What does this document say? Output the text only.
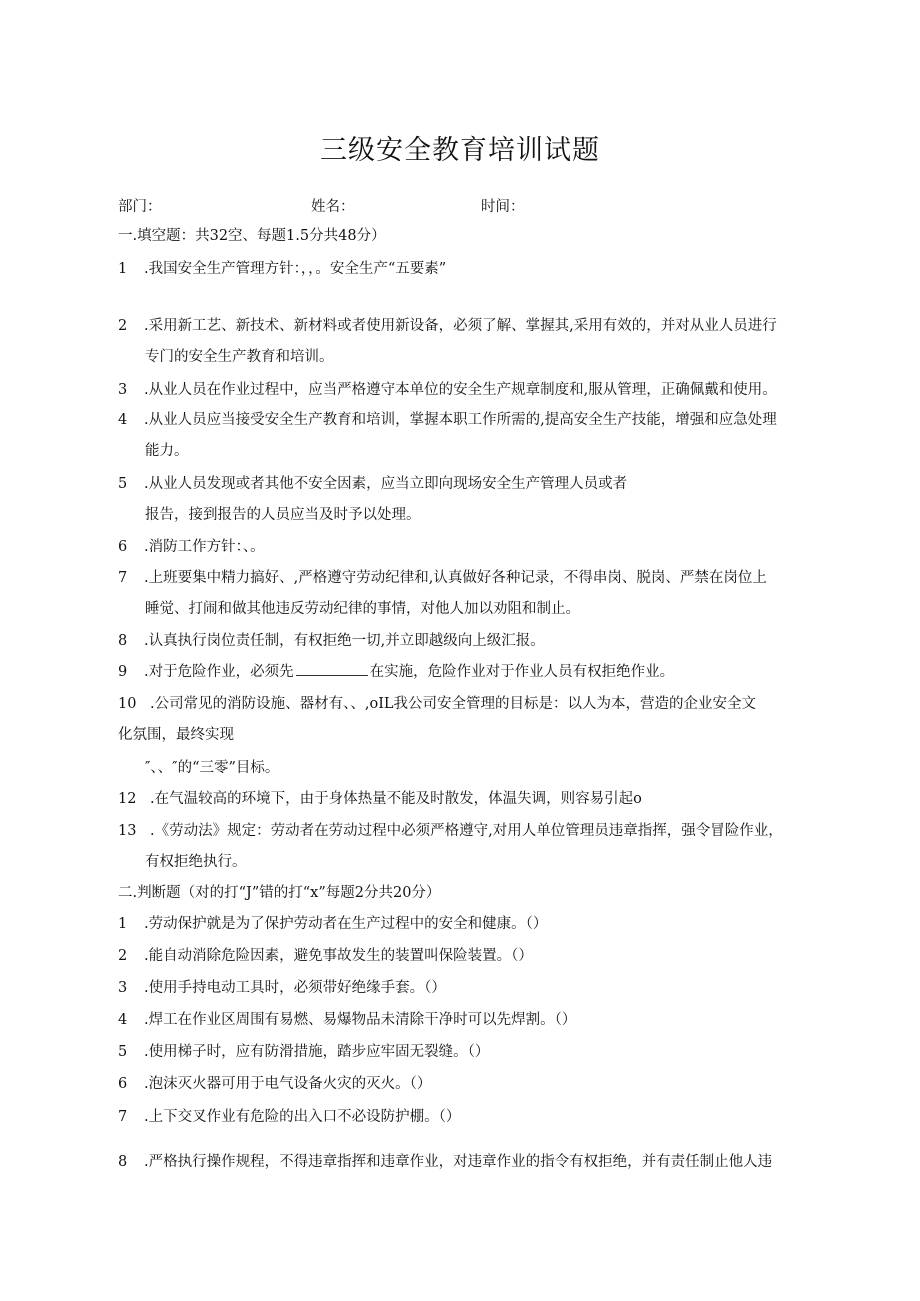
三级安全教育培训试题
部门：	姓名：	时间：
一.填空题：共32空、每题1.5分共48分）
1 .我国安全生产管理方针：，，。安全生产“五要素”
2 .采用新工艺、新技术、新材料或者使用新设备，必须了解、掌握其,采用有效的，并对从业人员进行
专门的安全生产教育和培训。
3 .从业人员在作业过程中，应当严格遵守本单位的安全生产规章制度和,服从管理，正确佩戴和使用。
4 .从业人员应当接受安全生产教育和培训，掌握本职工作所需的,提高安全生产技能，增强和应急处理
能力。
5 .从业人员发现或者其他不安全因素，应当立即向现场安全生产管理人员或者
报告，接到报告的人员应当及时予以处理。
6 .消防工作方针：、。
7 .上班要集中精力搞好、,严格遵守劳动纪律和,认真做好各种记录，不得串岗、脱岗、严禁在岗位上
睡觉、打闹和做其他违反劳动纪律的事情，对他人加以劝阻和制止。
8 .认真执行岗位责任制，有权拒绝一切,并立即越级向上级汇报。
9 .对于危险作业，必须先	在实施，危险作业对于作业人员有权拒绝作业。
10 .公司常见的消防设施、器材有、、,oIL我公司安全管理的目标是：以人为本，营造的企业安全文
化氛围，最终实现
″、、″的“三零”目标。
12 .在气温较高的环境下，由于身体热量不能及时散发，体温失调，则容易引起o
13 .《劳动法》规定：劳动者在劳动过程中必须严格遵守,对用人单位管理员违章指挥，强令冒险作业，
有权拒绝执行。
二.判断题（对的打“J”错的打“x”每题2分共20分）
1 .劳动保护就是为了保护劳动者在生产过程中的安全和健康。（）
2 .能自动消除危险因素，避免事故发生的装置叫保险装置。（）
3 .使用手持电动工具时，必须带好绝缘手套。（）
4 .焊工在作业区周围有易燃、易爆物品未清除干净时可以先焊割。（）
5 .使用梯子时，应有防滑措施，踏步应牢固无裂缝。（）
6 .泡沫灭火器可用于电气设备火灾的灭火。（）
7 .上下交叉作业有危险的出入口不必设防护棚。（）
8 .严格执行操作规程，不得违章指挥和违章作业，对违章作业的指令有权拒绝，并有责任制止他人违
